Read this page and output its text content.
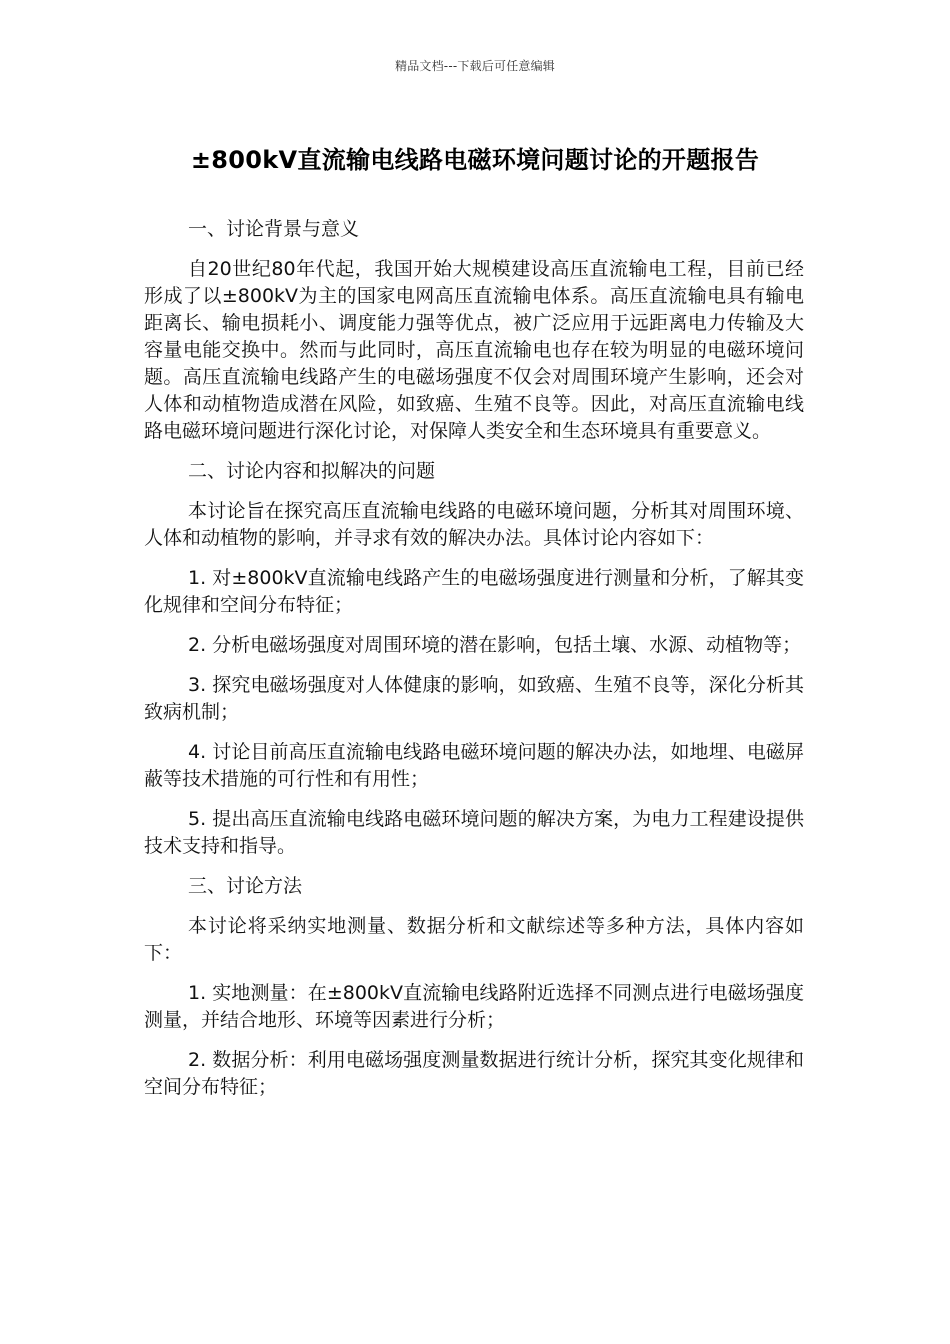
精品文档---下载后可任意编辑
±800kV直流输电线路电磁环境问题讨论的开题报告

一、讨论背景与意义

自20世纪80年代起，我国开始大规模建设高压直流输电工程，目前已经形成了以±800kV为主的国家电网高压直流输电体系。高压直流输电具有输电距离长、输电损耗小、调度能力强等优点，被广泛应用于远距离电力传输及大容量电能交换中。然而与此同时，高压直流输电也存在较为明显的电磁环境问题。高压直流输电线路产生的电磁场强度不仅会对周围环境产生影响，还会对人体和动植物造成潜在风险，如致癌、生殖不良等。因此，对高压直流输电线路电磁环境问题进行深化讨论，对保障人类安全和生态环境具有重要意义。

二、讨论内容和拟解决的问题

本讨论旨在探究高压直流输电线路的电磁环境问题，分析其对周围环境、人体和动植物的影响，并寻求有效的解决办法。具体讨论内容如下：

1. 对±800kV直流输电线路产生的电磁场强度进行测量和分析，了解其变化规律和空间分布特征；

2. 分析电磁场强度对周围环境的潜在影响，包括土壤、水源、动植物等；

3. 探究电磁场强度对人体健康的影响，如致癌、生殖不良等，深化分析其致病机制；

4. 讨论目前高压直流输电线路电磁环境问题的解决办法，如地埋、电磁屏蔽等技术措施的可行性和有用性；

5. 提出高压直流输电线路电磁环境问题的解决方案，为电力工程建设提供技术支持和指导。

三、讨论方法

本讨论将采纳实地测量、数据分析和文献综述等多种方法，具体内容如下：

1. 实地测量：在±800kV直流输电线路附近选择不同测点进行电磁场强度测量，并结合地形、环境等因素进行分析；

2. 数据分析：利用电磁场强度测量数据进行统计分析，探究其变化规律和空间分布特征；
